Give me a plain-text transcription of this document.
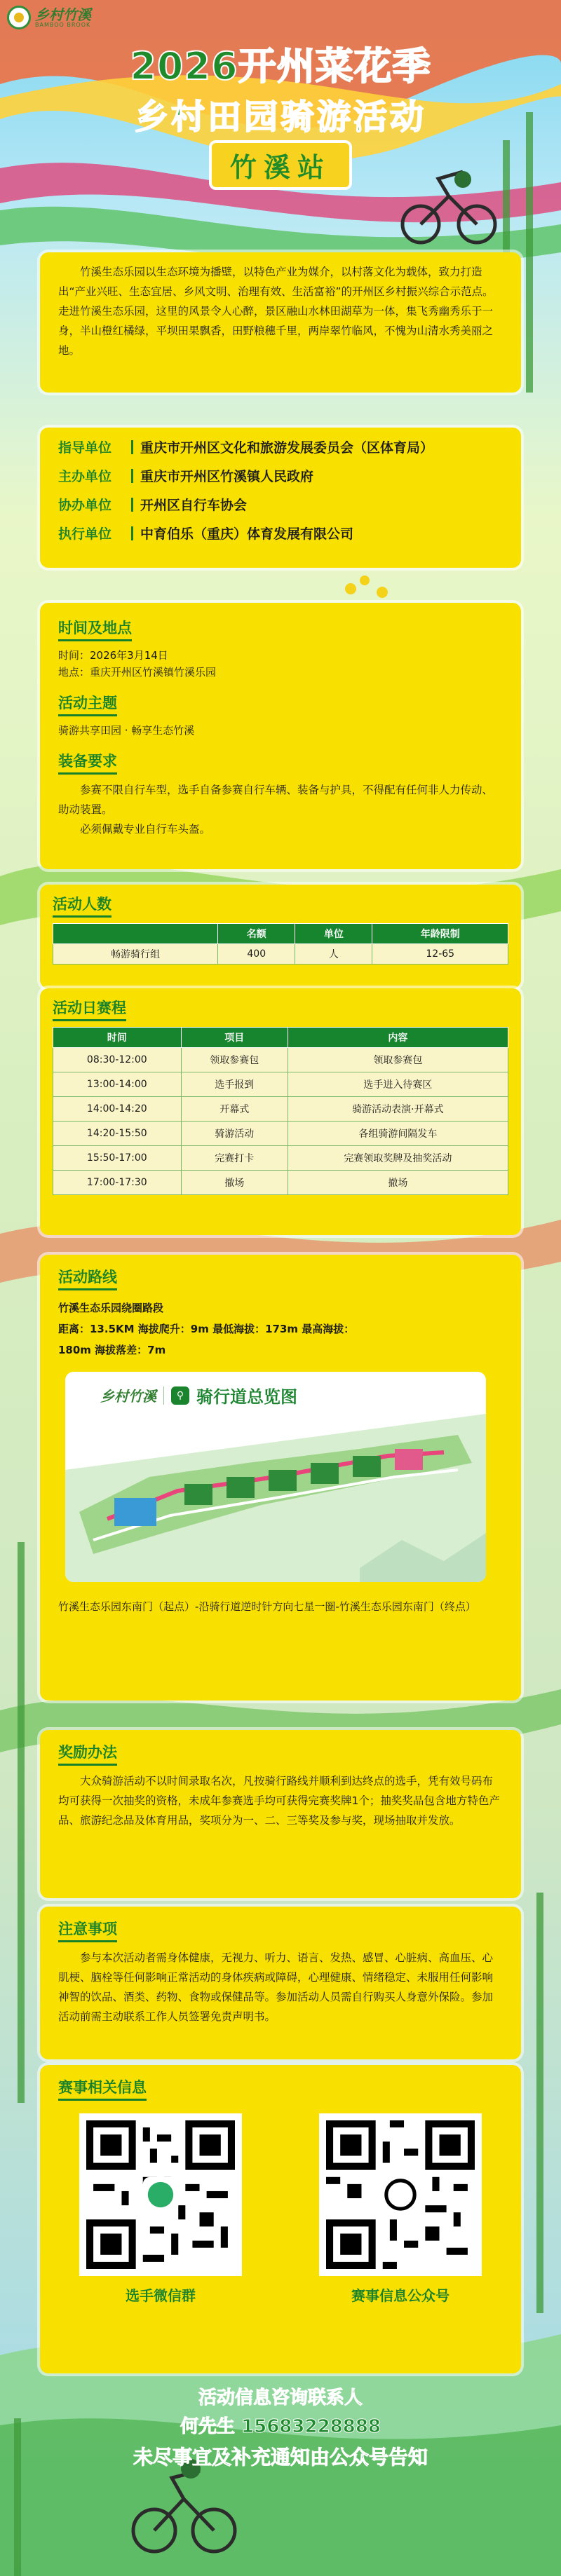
乡村竹溪
BAMBOO BROOK
2026开州菜花季
乡村田园骑游活动
竹溪站

竹溪生态乐园以生态环境为播壁，以特色产业为媒介，以村落文化为载体，致力打造出“产业兴旺、生态宜居、乡风文明、治理有效、生活富裕”的开州区乡村振兴综合示范点。走进竹溪生态乐园，这里的风景令人心醉，景区融山水林田湖草为一体，集飞秀幽秀乐于一身，半山橙红橘绿，平坝田果飘香，田野粮穗千里，两岸翠竹临风，不愧为山清水秀美丽之地。

指导单位	重庆市开州区文化和旅游发展委员会（区体育局）
主办单位	重庆市开州区竹溪镇人民政府
协办单位	开州区自行车协会
执行单位	中育伯乐（重庆）体育发展有限公司
时间及地点
时间：2026年3月14日
地点：重庆开州区竹溪镇竹溪乐园
活动主题
骑游共享田园 · 畅享生态竹溪
装备要求

参赛不限自行车型，选手自备参赛自行车辆、装备与护具，不得配有任何非人力传动、助动装置。

必须佩戴专业自行车头盔。

活动人数
	名额	单位	年龄限制
畅游骑行组	400	人	12-65
活动日赛程
时间	项目	内容
08:30-12:00	领取参赛包	领取参赛包
13:00-14:00	选手报到	选手进入待赛区
14:00-14:20	开幕式	骑游活动表演·开幕式
14:20-15:50	骑游活动	各组骑游间隔发车
15:50-17:00	完赛打卡	完赛领取奖牌及抽奖活动
17:00-17:30	撤场	撤场
活动路线
竹溪生态乐园绕圈路段
距离：13.5KM 海拔爬升：9m 最低海拔：173m 最高海拔：
180m 海拔落差：7m
乡村竹溪	⚲ 骑行道总览图

竹溪生态乐园东南门（起点）-沿骑行道逆时针方向七星一圈-竹溪生态乐园东南门（终点）

奖励办法

大众骑游活动不以时间录取名次，凡按骑行路线并顺利到达终点的选手，凭有效号码布均可获得一次抽奖的资格，未成年参赛选手均可获得完赛奖牌1个；抽奖奖品包含地方特色产品、旅游纪念品及体育用品，奖项分为一、二、三等奖及参与奖，现场抽取并发放。

注意事项

参与本次活动者需身体健康，无视力、听力、语言、发热、感冒、心脏病、高血压、心肌梗、脑栓等任何影响正常活动的身体疾病或障碍，心理健康、情绪稳定、未服用任何影响神智的饮品、酒类、药物、食物或保健品等。参加活动人员需自行购买人身意外保险。参加活动前需主动联系工作人员签署免责声明书。

赛事相关信息
选手微信群	赛事信息公众号
活动信息咨询联系人
何先生 15683228888
未尽事宜及补充通知由公众号告知
